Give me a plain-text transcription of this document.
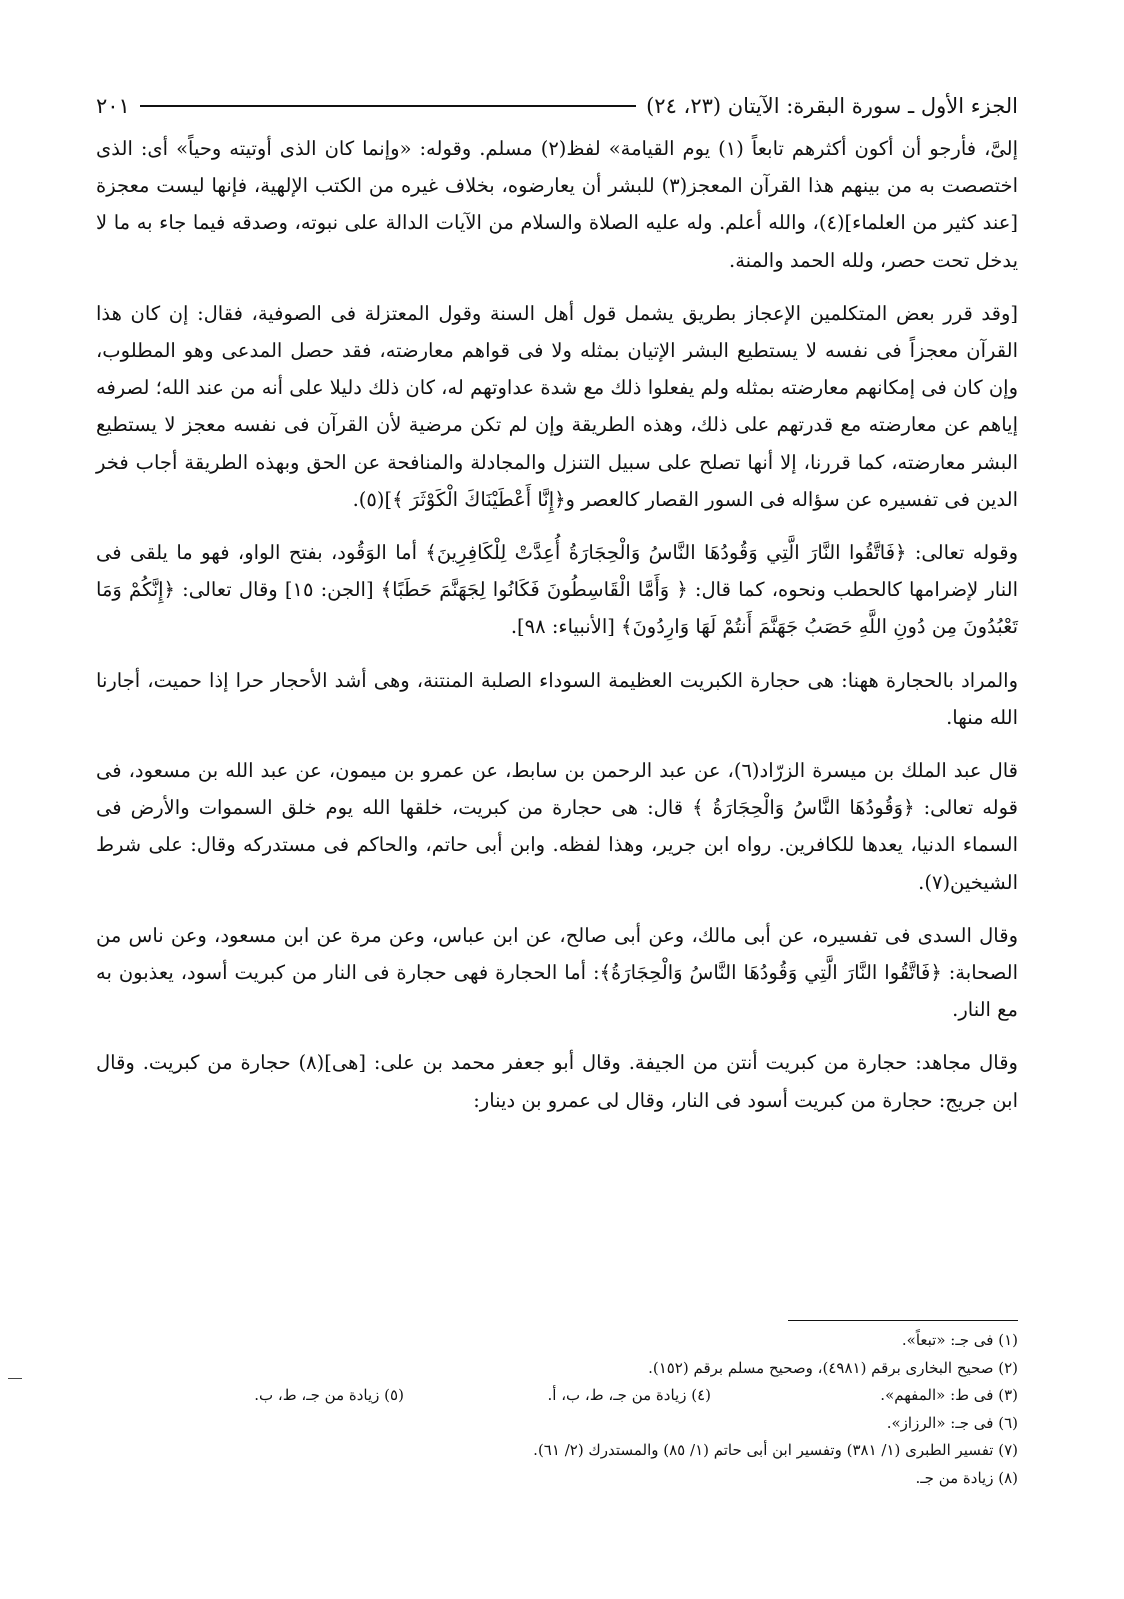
الجزء الأول ـ سورة البقرة: الآيتان (٢٣، ٢٤)
٢٠١

إلىَّ، فأرجو أن أكون أكثرهم تابعاً (١) يوم القيامة» لفظ(٢) مسلم. وقوله: «وإنما كان الذى أوتيته وحياً» أى: الذى اختصصت به من بينهم هذا القرآن المعجز(٣) للبشر أن يعارضوه، بخلاف غيره من الكتب الإلهية، فإنها ليست معجزة [عند كثير من العلماء](٤)، والله أعلم. وله عليه الصلاة والسلام من الآيات الدالة على نبوته، وصدقه فيما جاء به ما لا يدخل تحت حصر، ولله الحمد والمنة.

[وقد قرر بعض المتكلمين الإعجاز بطريق يشمل قول أهل السنة وقول المعتزلة فى الصوفية، فقال: إن كان هذا القرآن معجزاً فى نفسه لا يستطيع البشر الإتيان بمثله ولا فى قواهم معارضته، فقد حصل المدعى وهو المطلوب، وإن كان فى إمكانهم معارضته بمثله ولم يفعلوا ذلك مع شدة عداوتهم له، كان ذلك دليلا على أنه من عند الله؛ لصرفه إياهم عن معارضته مع قدرتهم على ذلك، وهذه الطريقة وإن لم تكن مرضية لأن القرآن فى نفسه معجز لا يستطيع البشر معارضته، كما قررنا، إلا أنها تصلح على سبيل التنزل والمجادلة والمنافحة عن الحق وبهذه الطريقة أجاب فخر الدين فى تفسيره عن سؤاله فى السور القصار كالعصر و﴿إِنَّا أَعْطَيْنَاكَ الْكَوْثَرَ ﴾](٥).

وقوله تعالى: ﴿فَاتَّقُوا النَّارَ الَّتِي وَقُودُهَا النَّاسُ وَالْحِجَارَةُ أُعِدَّتْ لِلْكَافِرِينَ﴾ أما الوَقُود، بفتح الواو، فهو ما يلقى فى النار لإضرامها كالحطب ونحوه، كما قال: ﴿ وَأَمَّا الْقَاسِطُونَ فَكَانُوا لِجَهَنَّمَ حَطَبًا﴾ [الجن: ١٥] وقال تعالى: ﴿إِنَّكُمْ وَمَا تَعْبُدُونَ مِن دُونِ اللَّهِ حَصَبُ جَهَنَّمَ أَنتُمْ لَهَا وَارِدُونَ﴾ [الأنبياء: ٩٨].

والمراد بالحجارة ههنا: هى حجارة الكبريت العظيمة السوداء الصلبة المنتنة، وهى أشد الأحجار حرا إذا حميت، أجارنا الله منها.

قال عبد الملك بن ميسرة الزرّاد(٦)، عن عبد الرحمن بن سابط، عن عمرو بن ميمون، عن عبد الله بن مسعود، فى قوله تعالى: ﴿وَقُودُهَا النَّاسُ وَالْحِجَارَةُ ﴾ قال: هى حجارة من كبريت، خلقها الله يوم خلق السموات والأرض فى السماء الدنيا، يعدها للكافرين. رواه ابن جرير، وهذا لفظه. وابن أبى حاتم، والحاكم فى مستدركه وقال: على شرط الشيخين(٧).

وقال السدى فى تفسيره، عن أبى مالك، وعن أبى صالح، عن ابن عباس، وعن مرة عن ابن مسعود، وعن ناس من الصحابة: ﴿فَاتَّقُوا النَّارَ الَّتِي وَقُودُهَا النَّاسُ وَالْحِجَارَةُ﴾: أما الحجارة فهى حجارة فى النار من كبريت أسود، يعذبون به مع النار.

وقال مجاهد: حجارة من كبريت أنتن من الجيفة. وقال أبو جعفر محمد بن على: [هى](٨) حجارة من كبريت. وقال ابن جريج: حجارة من كبريت أسود فى النار، وقال لى عمرو بن دينار:

(١) فى جـ: «تبعاً».
(٢) صحيح البخارى برقم (٤٩٨١)، وصحيح مسلم برقم (١٥٢).
(٣) فى ط: «المفهم».
(٤) زيادة من جـ، ط، ب، أ.
(٥) زيادة من جـ، ط، ب.
(٦) فى جـ: «الرزاز».
(٧) تفسير الطبرى (١/ ٣٨١) وتفسير ابن أبى حاتم (١/ ٨٥) والمستدرك (٢/ ٦١).
(٨) زيادة من جـ.
